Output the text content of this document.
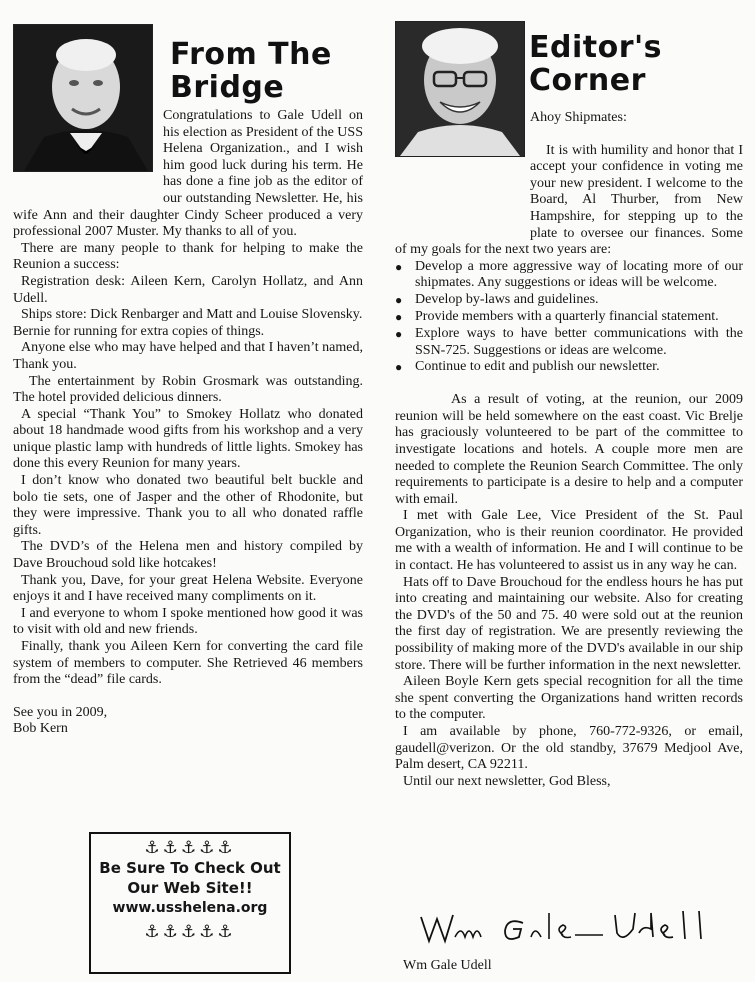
From The
Bridge

Congratulations to Gale Udell on his election as President of the USS Helena Organization., and I wish him good luck during his term. He has done a fine job as the editor of our outstanding Newsletter. He, his wife Ann and their daughter Cindy Scheer produced a very professional 2007 Muster. My thanks to all of you.

There are many people to thank for helping to make the Reunion a success:

Registration desk: Aileen Kern, Carolyn Hollatz, and Ann Udell.

Ships store: Dick Renbarger and Matt and Louise Slovensky.

Bernie for running for extra copies of things.

Anyone else who may have helped and that I haven’t named, Thank you.

The entertainment by Robin Grosmark was outstanding. The hotel provided delicious dinners.

A special “Thank You” to Smokey Hollatz who donated about 18 handmade wood gifts from his workshop and a very unique plastic lamp with hundreds of little lights. Smokey has done this every Reunion for many years.

I don’t know who donated two beautiful belt buckle and bolo tie sets, one of Jasper and the other of Rhodonite, but they were impressive. Thank you to all who donated raffle gifts.

The DVD’s of the Helena men and history compiled by Dave Brouchoud sold like hotcakes!

Thank you, Dave, for your great Helena Website. Everyone enjoys it and I have received many compliments on it.

I and everyone to whom I spoke mentioned how good it was to visit with old and new friends.

Finally, thank you Aileen Kern for converting the card file system of members to computer. She Retrieved 46 members from the “dead” file cards.

See you in 2009,

Bob Kern

⚓⚓⚓⚓⚓
Be Sure To Check Out
Our Web Site!!
www.usshelena.org
⚓⚓⚓⚓⚓
Editor's
Corner

Ahoy Shipmates:

It is with humility and honor that I accept your confidence in voting me your new president. I welcome to the Board, Al Thurber, from New Hampshire, for stepping up to the plate to oversee our finances. Some of my goals for the next two years are:

● Develop a more aggressive way of locating more of our shipmates. Any suggestions or ideas will be welcome.
● Develop by-laws and guidelines.
● Provide members with a quarterly financial statement.
● Explore ways to have better communications with the SSN-725. Suggestions or ideas are welcome.
● Continue to edit and publish our newsletter.

As a result of voting, at the reunion, our 2009 reunion will be held somewhere on the east coast. Vic Brelje has graciously volunteered to be part of the committee to investigate locations and hotels. A couple more men are needed to complete the Reunion Search Committee. The only requirements to participate is a desire to help and a computer with email.

I met with Gale Lee, Vice President of the St. Paul Organization, who is their reunion coordinator. He provided me with a wealth of information. He and I will continue to be in contact. He has volunteered to assist us in any way he can.

Hats off to Dave Brouchoud for the endless hours he has put into creating and maintaining our website. Also for creating the DVD's of the 50 and 75. 40 were sold out at the reunion the first day of registration. We are presently reviewing the possibility of making more of the DVD's available in our ship store. There will be further information in the next newsletter.

Aileen Boyle Kern gets special recognition for all the time she spent converting the Organizations hand written records to the computer.

I am available by phone, 760-772-9326, or email, gaudell@verizon. Or the old standby, 37679 Medjool Ave, Palm desert, CA 92211.

Until our next newsletter, God Bless,

Wm Gale Udell
